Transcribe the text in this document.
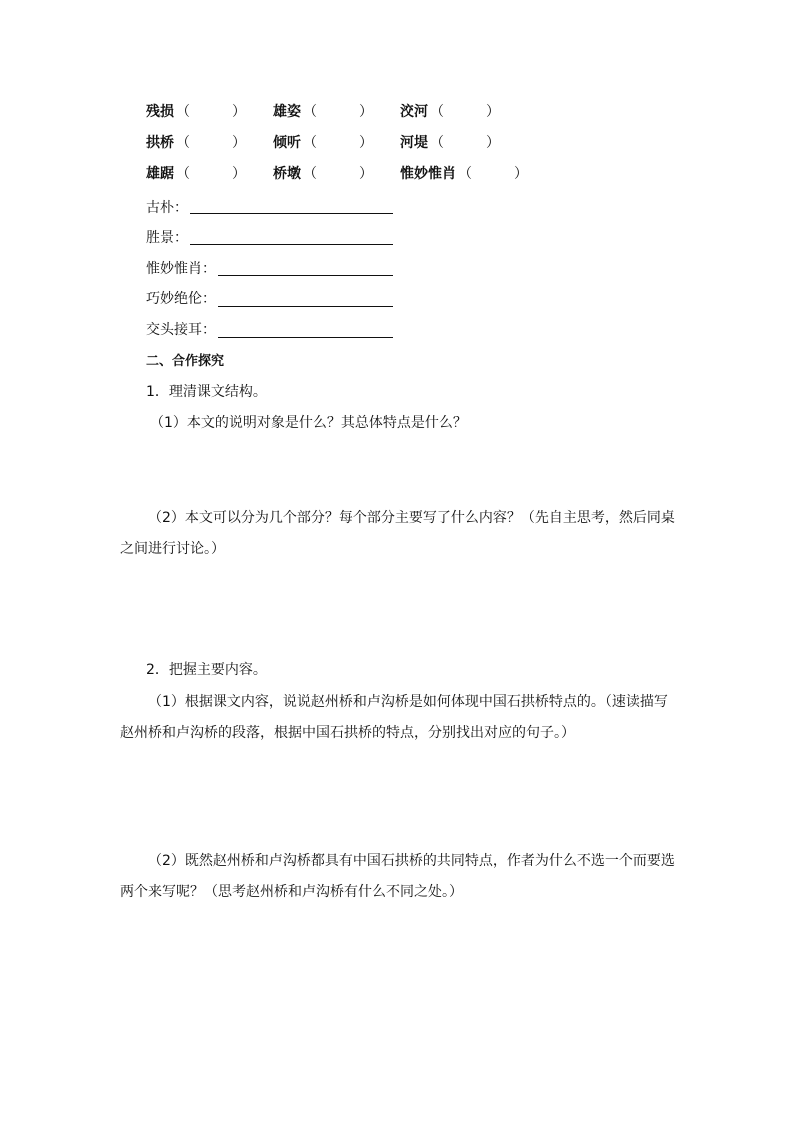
残损 （　　　） 雄姿 （　　　） 洨河 （　　　）
拱桥 （　　　） 倾听 （　　　） 河堤 （　　　）
雄踞 （　　　） 桥墩 （　　　） 惟妙惟肖 （　　　）
古朴：
胜景：
惟妙惟肖：
巧妙绝伦：
交头接耳：
二、合作探究
1．理清课文结构。
（1）本文的说明对象是什么？其总体特点是什么？
（2）本文可以分为几个部分？每个部分主要写了什么内容？（先自主思考，然后同桌之间进行讨论。）
2．把握主要内容。
（1）根据课文内容，说说赵州桥和卢沟桥是如何体现中国石拱桥特点的。（速读描写赵州桥和卢沟桥的段落，根据中国石拱桥的特点，分别找出对应的句子。）
（2）既然赵州桥和卢沟桥都具有中国石拱桥的共同特点，作者为什么不选一个而要选两个来写呢？（思考赵州桥和卢沟桥有什么不同之处。）
